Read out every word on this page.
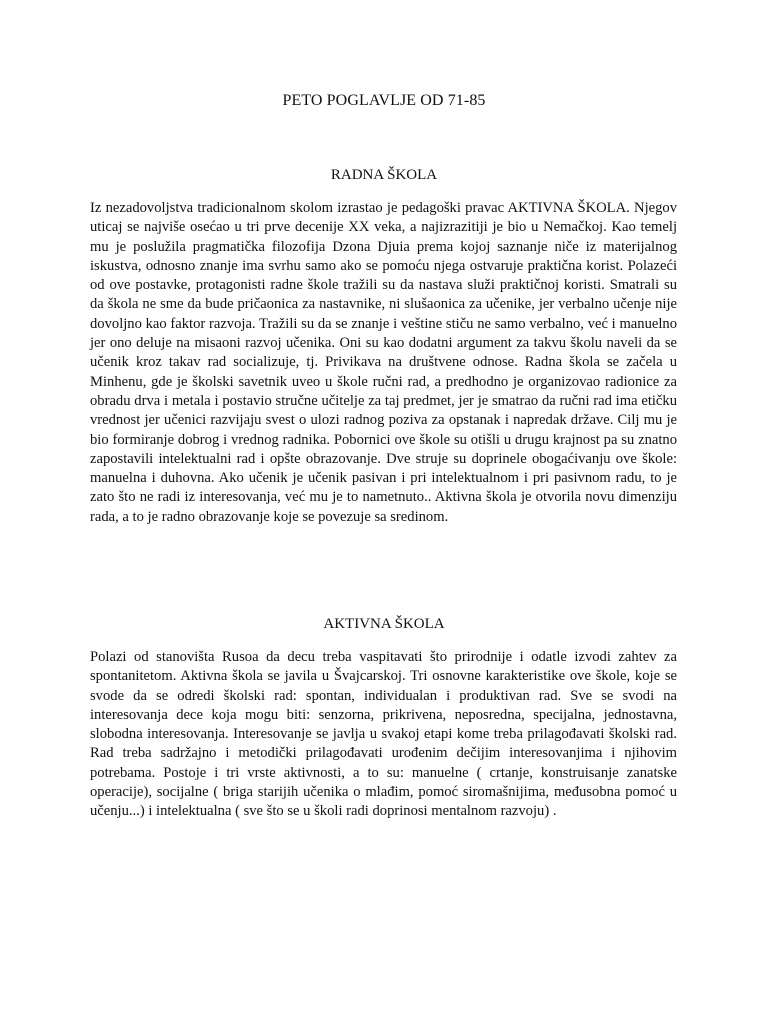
PETO POGLAVLJE OD 71-85
RADNA ŠKOLA

Iz nezadovoljstva tradicionalnom skolom izrastao je pedagoški pravac AKTIVNA ŠKOLA. Njegov uticaj se najviše osećao u tri prve decenije XX veka, a najizrazitiji je bio u Nemačkoj. Kao temelj mu je poslužila pragmatička filozofija Dzona Djuia prema kojoj saznanje niče iz materijalnog iskustva, odnosno znanje ima svrhu samo ako se pomoću njega ostvaruje praktična korist. Polazeći od ove postavke, protagonisti radne škole tražili su da nastava služi praktičnoj koristi. Smatrali su da škola ne sme da bude pričaonica za nastavnike, ni slušaonica za učenike, jer verbalno učenje nije dovoljno kao faktor razvoja. Tražili su da se znanje i veštine stiču ne samo verbalno, već i manuelno jer ono deluje na misaoni razvoj učenika. Oni su kao dodatni argument za takvu školu naveli da se učenik kroz takav rad socializuje, tj. Privikava na društvene odnose. Radna škola se začela u Minhenu, gde je školski savetnik uveo u škole ručni rad, a predhodno je organizovao radionice za obradu drva i metala i postavio stručne učitelje za taj predmet, jer je smatrao da ručni rad ima etičku vrednost jer učenici razvijaju svest o ulozi radnog poziva za opstanak i napredak države. Cilj mu je bio formiranje dobrog i vrednog radnika. Pobornici ove škole su otišli u drugu krajnost pa su znatno zapostavili intelektualni rad i opšte obrazovanje. Dve struje su doprinele obogaćivanju ove škole: manuelna i duhovna. Ako učenik je učenik pasivan i pri intelektualnom i pri pasivnom radu, to je zato što ne radi iz interesovanja, već mu je to nametnuto.. Aktivna škola je otvorila novu dimenziju rada, a to je radno obrazovanje koje se povezuje sa sredinom.

AKTIVNA ŠKOLA

Polazi od stanovišta Rusoa da decu treba vaspitavati što prirodnije i odatle izvodi zahtev za spontanitetom. Aktivna škola se javila u Švajcarskoj. Tri osnovne karakteristike ove škole, koje se svode da se odredi školski rad: spontan, individualan i produktivan rad. Sve se svodi na interesovanja dece koja mogu biti: senzorna, prikrivena, neposredna, specijalna, jednostavna, slobodna interesovanja. Interesovanje se javlja u svakoj etapi kome treba prilagođavati školski rad. Rad treba sadržajno i metodički prilagođavati urođenim dečijim interesovanjima i njihovim potrebama. Postoje i tri vrste aktivnosti, a to su: manuelne ( crtanje, konstruisanje zanatske operacije), socijalne ( briga starijih učenika o mlađim, pomoć siromašnijima, međusobna pomoć u učenju...) i intelektualna ( sve što se u školi radi doprinosi mentalnom razvoju) .
